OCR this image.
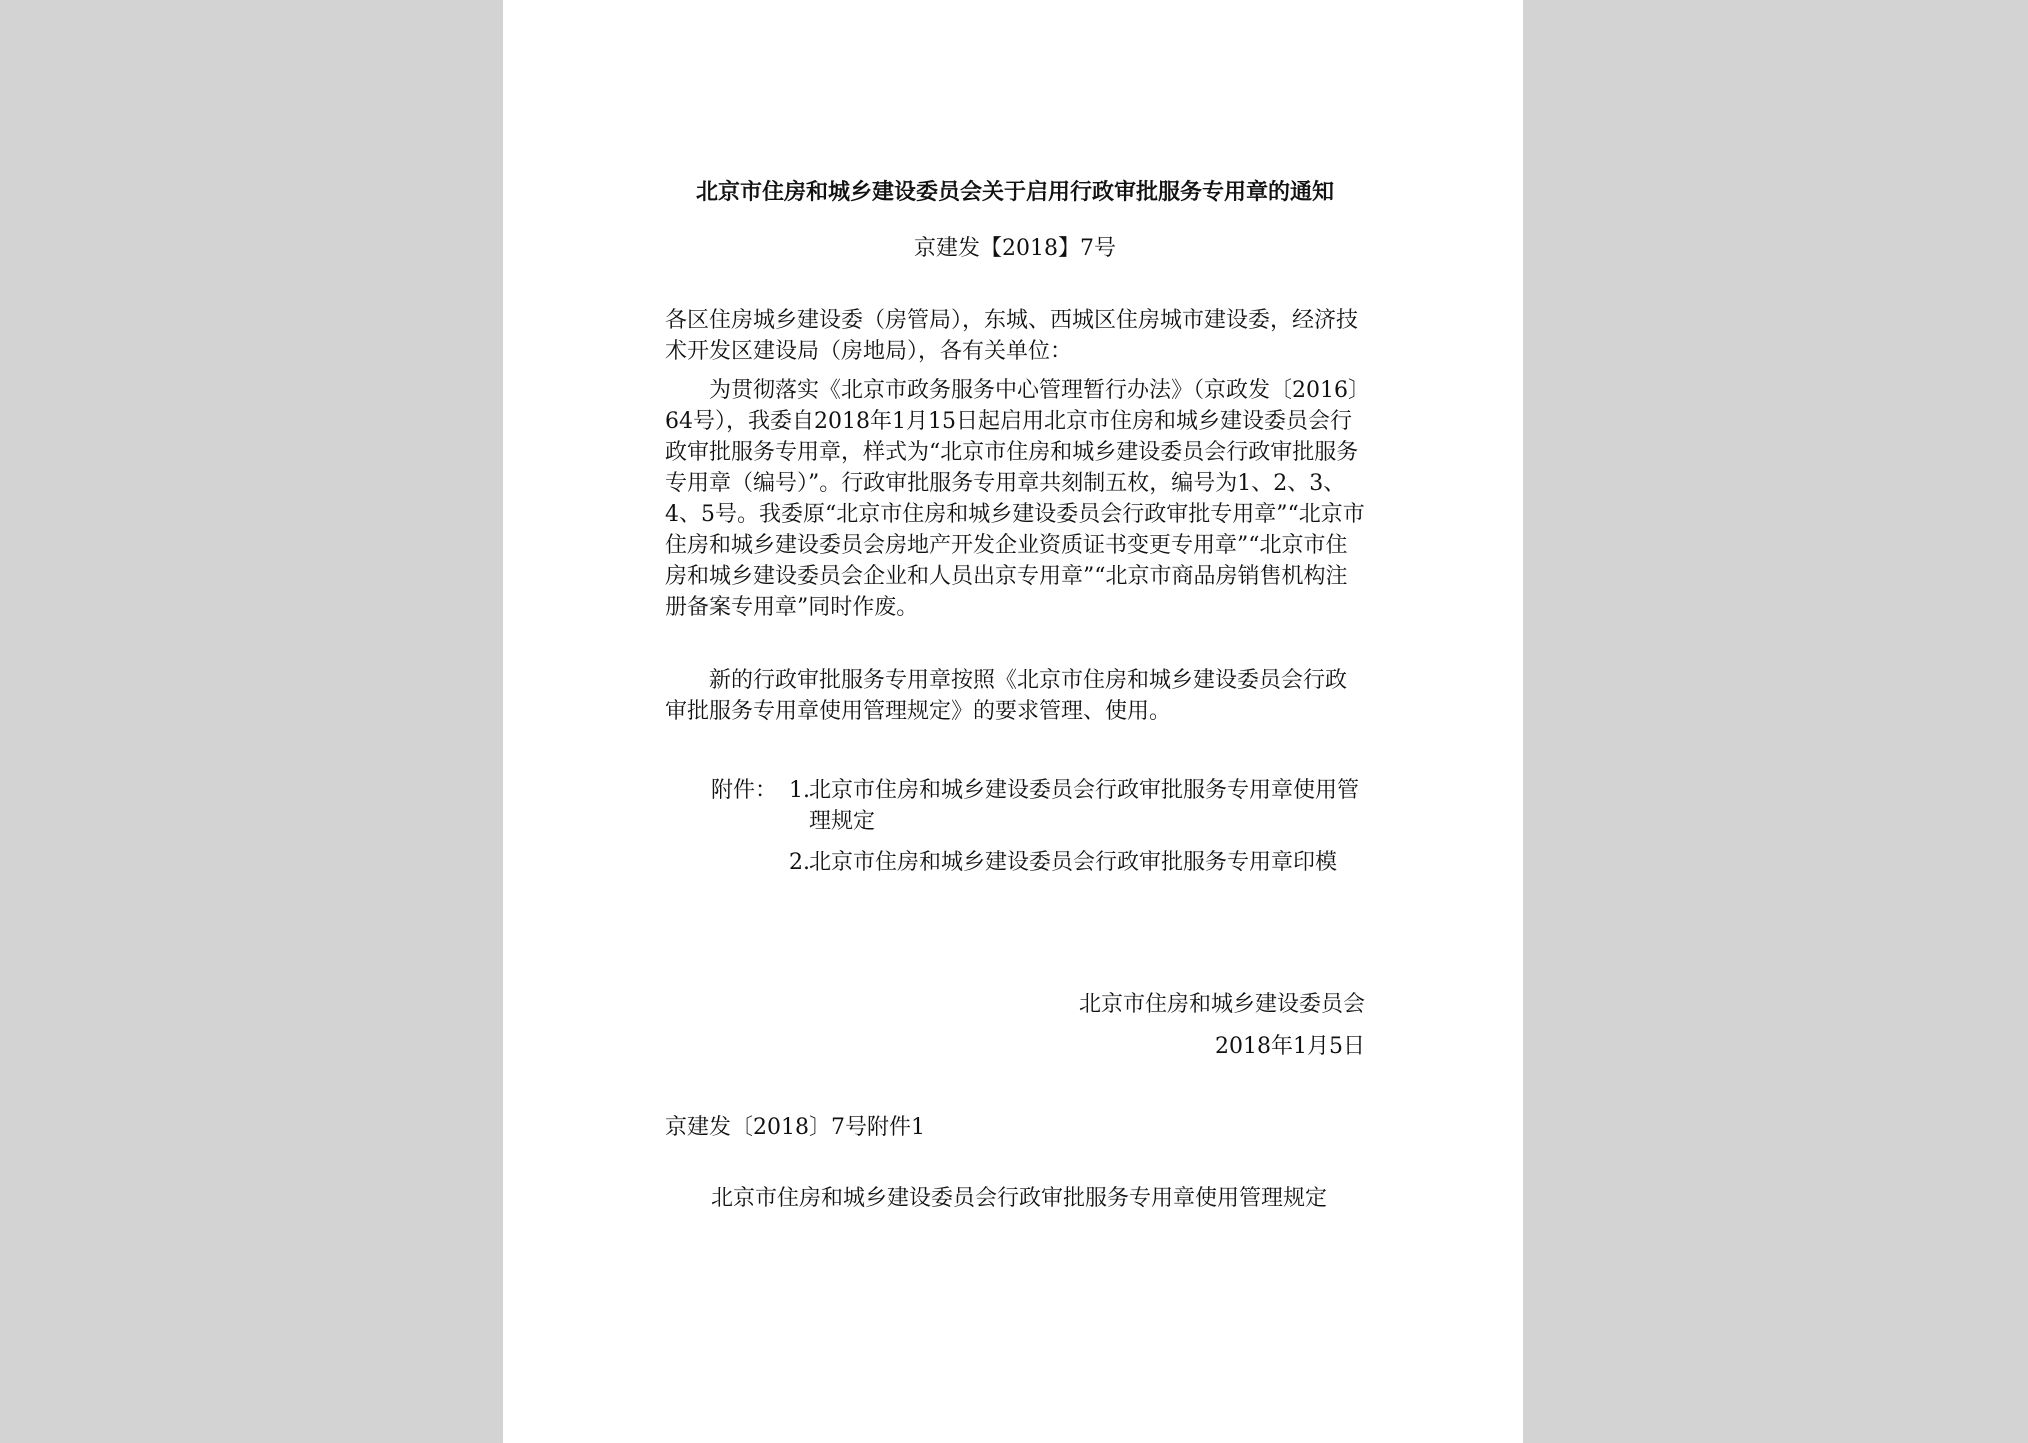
北京市住房和城乡建设委员会关于启用行政审批服务专用章的通知
京建发【2018】7号
各区住房城乡建设委（房管局），东城、西城区住房城市建设委，经济技术开发区建设局（房地局），各有关单位：
为贯彻落实《北京市政务服务中心管理暂行办法》（京政发〔2016〕64号），我委自2018年1月15日起启用北京市住房和城乡建设委员会行政审批服务专用章，样式为“北京市住房和城乡建设委员会行政审批服务专用章（编号）”。行政审批服务专用章共刻制五枚，编号为1、2、3、4、5号。我委原“北京市住房和城乡建设委员会行政审批专用章”“北京市住房和城乡建设委员会房地产开发企业资质证书变更专用章”“北京市住房和城乡建设委员会企业和人员出京专用章”“北京市商品房销售机构注册备案专用章”同时作废。
新的行政审批服务专用章按照《北京市住房和城乡建设委员会行政审批服务专用章使用管理规定》的要求管理、使用。
附件： 1. 北京市住房和城乡建设委员会行政审批服务专用章使用管理规定
2. 北京市住房和城乡建设委员会行政审批服务专用章印模
北京市住房和城乡建设委员会
2018年1月5日
京建发〔2018〕7号附件1
北京市住房和城乡建设委员会行政审批服务专用章使用管理规定
